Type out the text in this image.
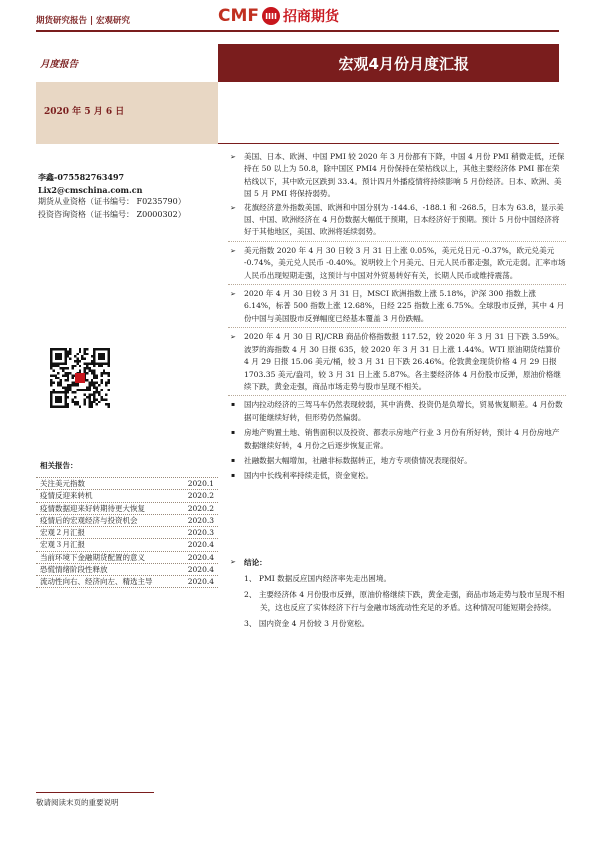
期货研究报告 | 宏观研究	CMF IIII 招商期货
月度报告	宏观4月份月度汇报
2020 年 5 月 6 日
李鑫-075582763497
Lix2@cmschina.com.cn
期货从业资格（证书编号： F0235790）
投资咨询资格（证书编号： Z0000302）
相关报告：
关注美元指数	2020.1
疫情反迎来转机	2020.2
疫情数据迎来好转期待更大恢复	2020.2
疫情后的宏观经济与投资机会	2020.3
宏观２月汇报	2020.3
宏观３月汇报	2020.4
当前环境下金融期货配置的意义	2020.4
恐慌情绪阶段性释放	2020.4
流动性向右、经济向左、精选主导	2020.4
➢ 美国、日本、欧洲、中国 PMI 较 2020 年 3 月份都有下降，中国 4 月份 PMI 稍微走低，还保持在 50 以上为 50.8，除中国区 PMI4 月份保持在荣枯线以上，其他主要经济体 PMI 都在荣枯线以下，其中欧元区跌到 33.4。预计四月外播疫情将持续影响 5 月份经济。日本、欧洲、美国 5 月 PMI 将保持弱势。
➢ 花旗经济意外指数美国、欧洲和中国分别为 -144.6、-188.1 和 -268.5，日本为 63.8，显示美国、中国、欧洲经济在 4 月份数据大幅低于预期，日本经济好于预期。预计 5 月份中国经济将好于其他地区，美国、欧洲将延续弱势。
➢ 美元指数 2020 年 4 月 30 日较 3 月 31 日上涨 0.05%，美元兑日元 -0.37%，欧元兑美元 -0.74%，美元兑人民币 -0.40%。说明较上个月美元、日元人民币都走强，欧元走弱。汇率市场人民币出现短期走强，这预计与中国对外贸易转好有关，长期人民币或维持震荡。
➢ 2020 年 4 月 30 日较 3 月 31 日，MSCI 欧洲指数上涨 5.18%，沪深 300 指数上涨 6.14%，标普 500 指数上涨 12.68%，日经 225 指数上涨 6.75%。全球股市反弹，其中 4 月份中国与美国股市反弹幅度已经基本覆盖 3 月份跌幅。
➢ 2020 年 4 月 30 日 RJ/CRB 商品价格指数报 117.52，较 2020 年 3 月 31 日下跌 3.59%。波罗的海指数 4 月 30 日报 635，较 2020 年 3 月 31 日上涨 1.44%。WTI 原油期货结算价 4 月 29 日报 15.06 美元/桶，较 3 月 31 日下跌 26.46%。伦敦黄金现货价格 4 月 29 日报 1703.35 美元/盎司，较 3 月 31 日上涨 5.87%。各主要经济体 4 月份股市反弹，原油价格继续下跌，黄金走强，商品市场走势与股市呈现不相关。
▪ 国内拉动经济的三驾马车仍然表现较弱，其中消费、投资仍是负增长，贸易恢复顺差。4 月份数据可能继续好转，但形势仍然偏弱。
▪ 房地产购置土地、销售面积以及投资、都表示房地产行业 3 月份有所好转，预计 4 月份房地产数据继续好转，4 月份之后逐步恢复正常。
▪ 社融数据大幅增加，社融非标数据转正，地方专项债情况表现很好。
▪ 国内中长线利率持续走低，资金宽松。
➢ 结论：
1、 PMI 数据反应国内经济率先走出困境。
2、 主要经济体 4 月份股市反弹，原油价格继续下跌，黄金走强，商品市场走势与股市呈现不相关，这也反应了实体经济下行与金融市场流动性充足的矛盾。这种情况可能短期会持续。
3、 国内资金 4 月份较 3 月份宽松。
敬请阅读末页的重要说明
